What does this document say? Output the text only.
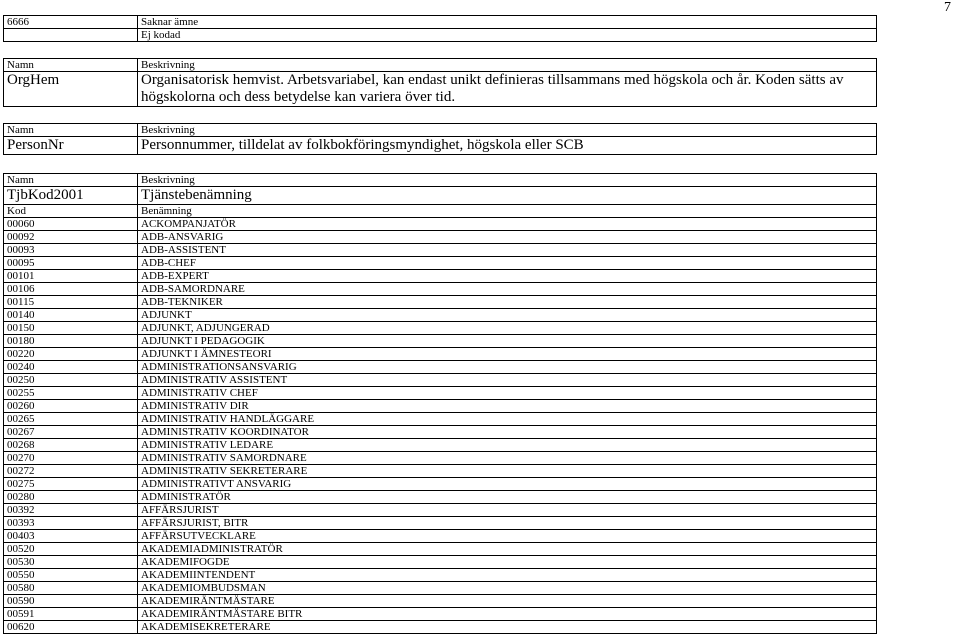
7
6666	Saknar ämne
	Ej kodad
Namn	Beskrivning
OrgHem	Organisatorisk hemvist. Arbetsvariabel, kan endast unikt definieras tillsammans med högskola och år. Koden sätts av högskolorna och dess betydelse kan variera över tid.
Namn	Beskrivning
PersonNr	Personnummer, tilldelat av folkbokföringsmyndighet, högskola eller SCB
Namn	Beskrivning
TjbKod2001	Tjänstebenämning
Kod	Benämning
00060	ACKOMPANJATÖR
00092	ADB-ANSVARIG
00093	ADB-ASSISTENT
00095	ADB-CHEF
00101	ADB-EXPERT
00106	ADB-SAMORDNARE
00115	ADB-TEKNIKER
00140	ADJUNKT
00150	ADJUNKT, ADJUNGERAD
00180	ADJUNKT I PEDAGOGIK
00220	ADJUNKT I ÄMNESTEORI
00240	ADMINISTRATIONSANSVARIG
00250	ADMINISTRATIV ASSISTENT
00255	ADMINISTRATIV CHEF
00260	ADMINISTRATIV DIR
00265	ADMINISTRATIV HANDLÄGGARE
00267	ADMINISTRATIV KOORDINATOR
00268	ADMINISTRATIV LEDARE
00270	ADMINISTRATIV SAMORDNARE
00272	ADMINISTRATIV SEKRETERARE
00275	ADMINISTRATIVT ANSVARIG
00280	ADMINISTRATÖR
00392	AFFÄRSJURIST
00393	AFFÄRSJURIST, BITR
00403	AFFÄRSUTVECKLARE
00520	AKADEMIADMINISTRATÖR
00530	AKADEMIFOGDE
00550	AKADEMIINTENDENT
00580	AKADEMIOMBUDSMAN
00590	AKADEMIRÄNTMÄSTARE
00591	AKADEMIRÄNTMÄSTARE BITR
00620	AKADEMISEKRETERARE
